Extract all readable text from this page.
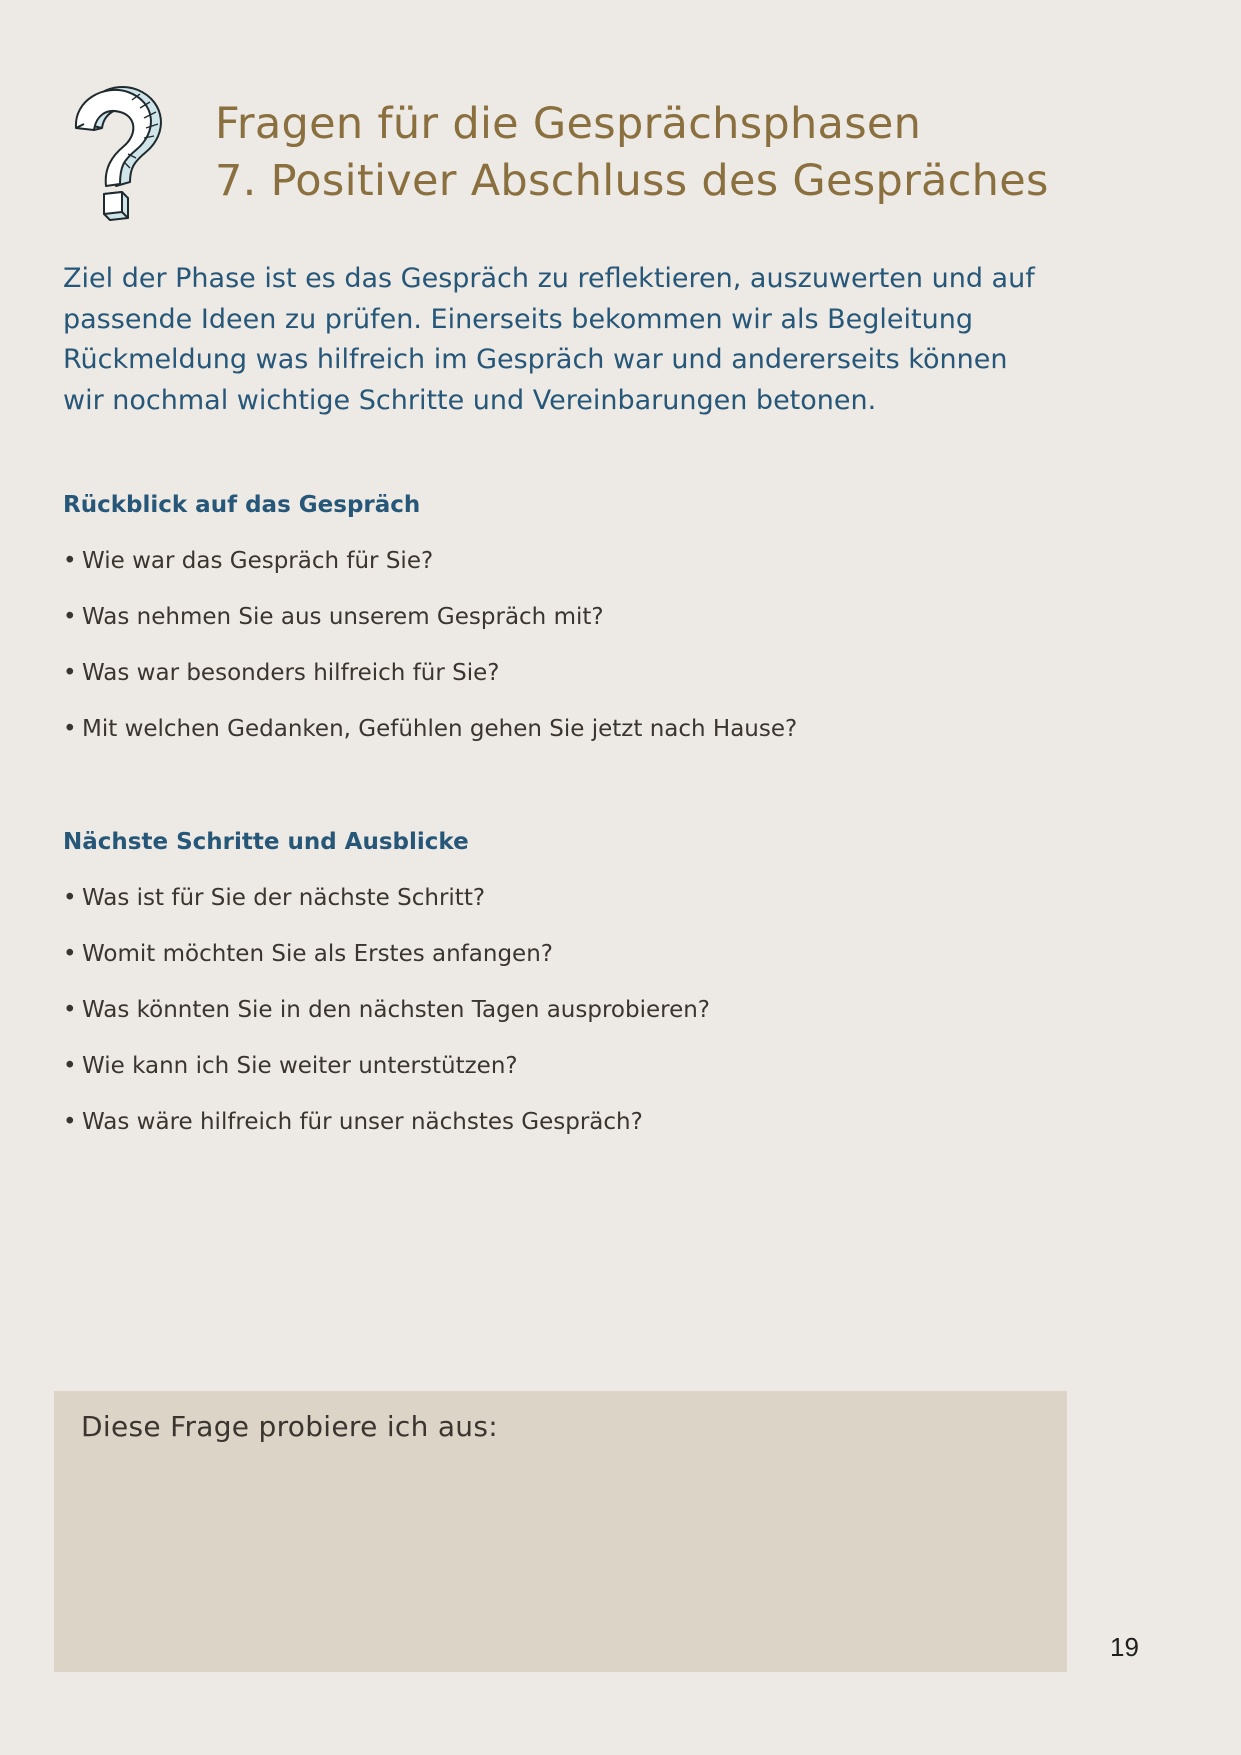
Fragen für die Gesprächsphasen
7. Positiver Abschluss des Gespräches
Ziel der Phase ist es das Gespräch zu reflektieren, auszuwerten und auf
passende Ideen zu prüfen. Einerseits bekommen wir als Begleitung
Rückmeldung was hilfreich im Gespräch war und andererseits können
wir nochmal wichtige Schritte und Vereinbarungen betonen.
Rückblick auf das Gespräch
• Wie war das Gespräch für Sie?
• Was nehmen Sie aus unserem Gespräch mit?
• Was war besonders hilfreich für Sie?
• Mit welchen Gedanken, Gefühlen gehen Sie jetzt nach Hause?
Nächste Schritte und Ausblicke
• Was ist für Sie der nächste Schritt?
• Womit möchten Sie als Erstes anfangen?
• Was könnten Sie in den nächsten Tagen ausprobieren?
• Wie kann ich Sie weiter unterstützen?
• Was wäre hilfreich für unser nächstes Gespräch?
Diese Frage probiere ich aus:
19
